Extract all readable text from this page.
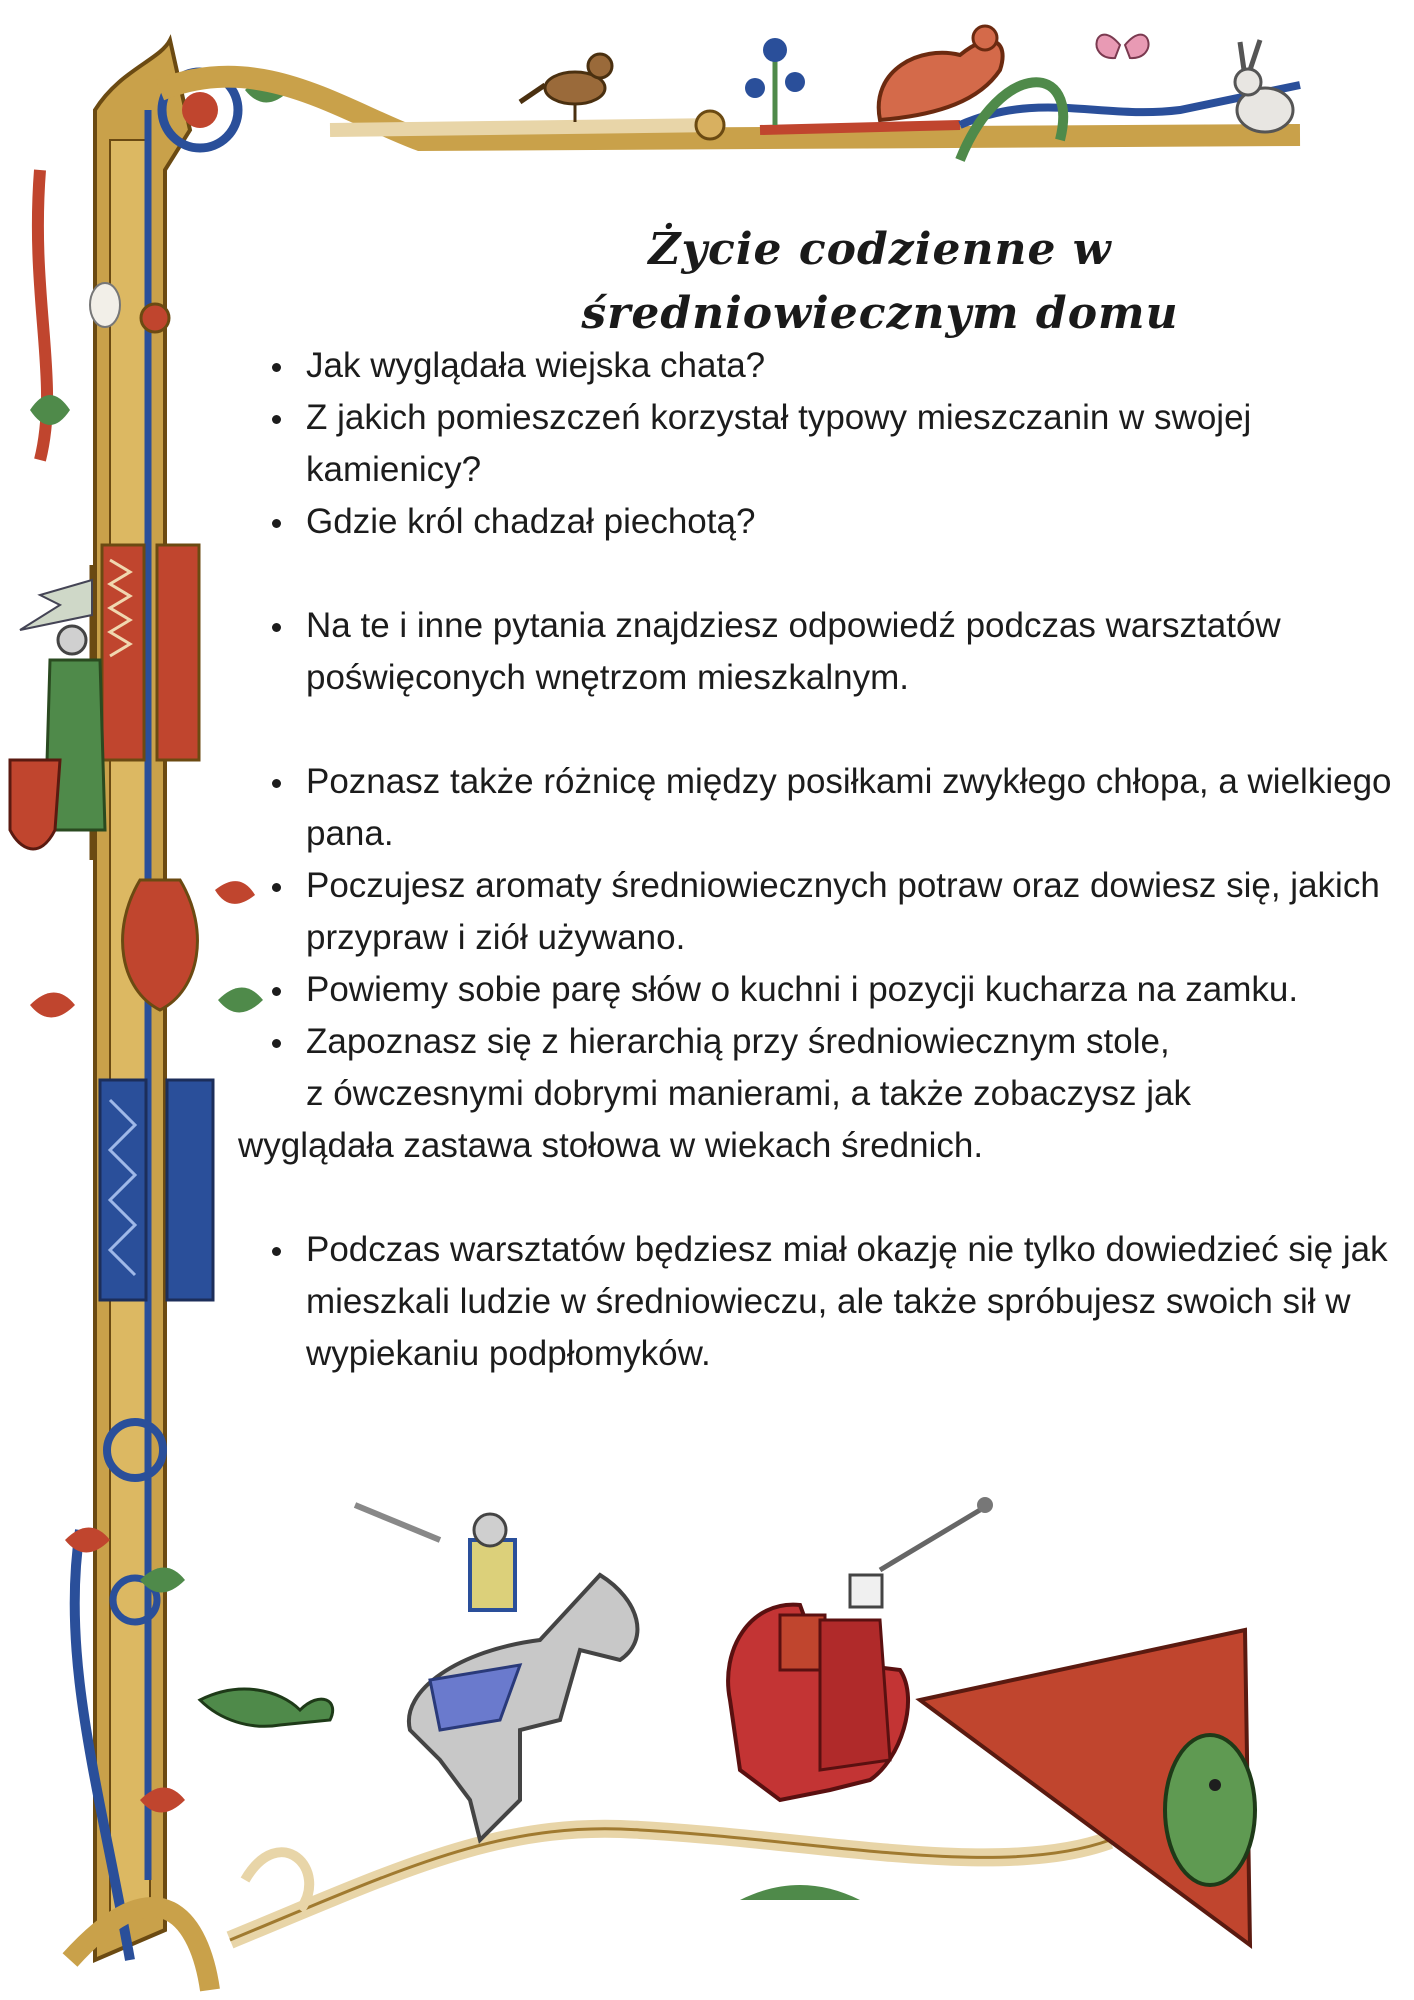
Życie codzienne w
średniowiecznym domu
Jak wyglądała wiejska chata?
Z jakich pomieszczeń korzystał typowy mieszczanin w swojej kamienicy?
Gdzie król chadzał piechotą?
Na te i inne pytania znajdziesz odpowiedź podczas warsztatów poświęconych wnętrzom mieszkalnym.
Poznasz także różnicę między posiłkami zwykłego chłopa, a wielkiego pana.
Poczujesz aromaty średniowiecznych potraw oraz dowiesz się, jakich przypraw i ziół używano.
Powiemy sobie parę słów o kuchni i pozycji kucharza na zamku.
Zapoznasz się z hierarchią przy średniowiecznym stole,
z ówczesnymi dobrymi manierami, a także zobaczysz jak
wyglądała zastawa stołowa w wiekach średnich.
Podczas warsztatów będziesz miał okazję nie tylko dowiedzieć się jak mieszkali ludzie w średniowieczu, ale także spróbujesz swoich sił w wypiekaniu podpłomyków.
